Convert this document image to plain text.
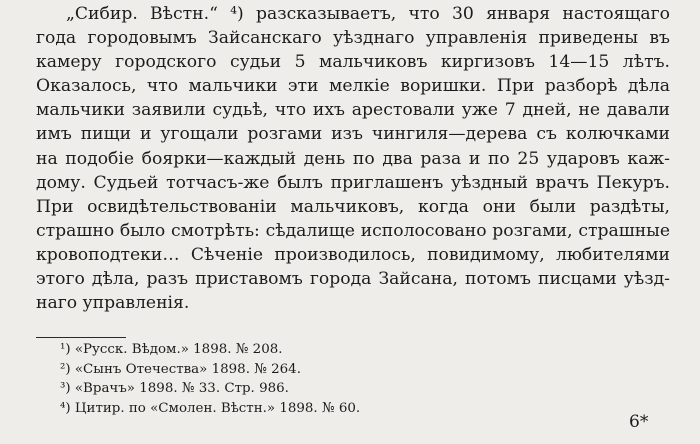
„Сибир. Вѣстн.“ ⁴) разсказываетъ, что 30 января настоящаго
года городовымъ Зайсанскаго уѣзднаго управленія приведены въ
камеру городского судьи 5 мальчиковъ киргизовъ 14—15 лѣтъ.
Оказалось, что мальчики эти мелкіе воришки. При разборѣ дѣла
мальчики заявили судьѣ, что ихъ арестовали уже 7 дней, не давали
имъ пищи и угощали розгами изъ чингиля—дерева съ колючками
на подобіе боярки—каждый день по два раза и по 25 ударовъ каж-
дому. Судьей тотчасъ-же былъ приглашенъ уѣздный врачъ Пекуръ.
При освидѣтельствованіи мальчиковъ, когда они были раздѣты,
страшно было смотрѣть: сѣдалище исполосовано розгами, страшные
кровоподтеки… Сѣченіе производилось, повидимому, любителями
этого дѣла, разъ приставомъ города Зайсана, потомъ писцами уѣзд-
наго управленія.
¹) «Русск. Вѣдом.» 1898. № 208.
²) «Сынъ Отечества» 1898. № 264.
³) «Врачъ» 1898. № 33. Стр. 986.
⁴) Цитир. по «Смолен. Вѣстн.» 1898. № 60.
6*
